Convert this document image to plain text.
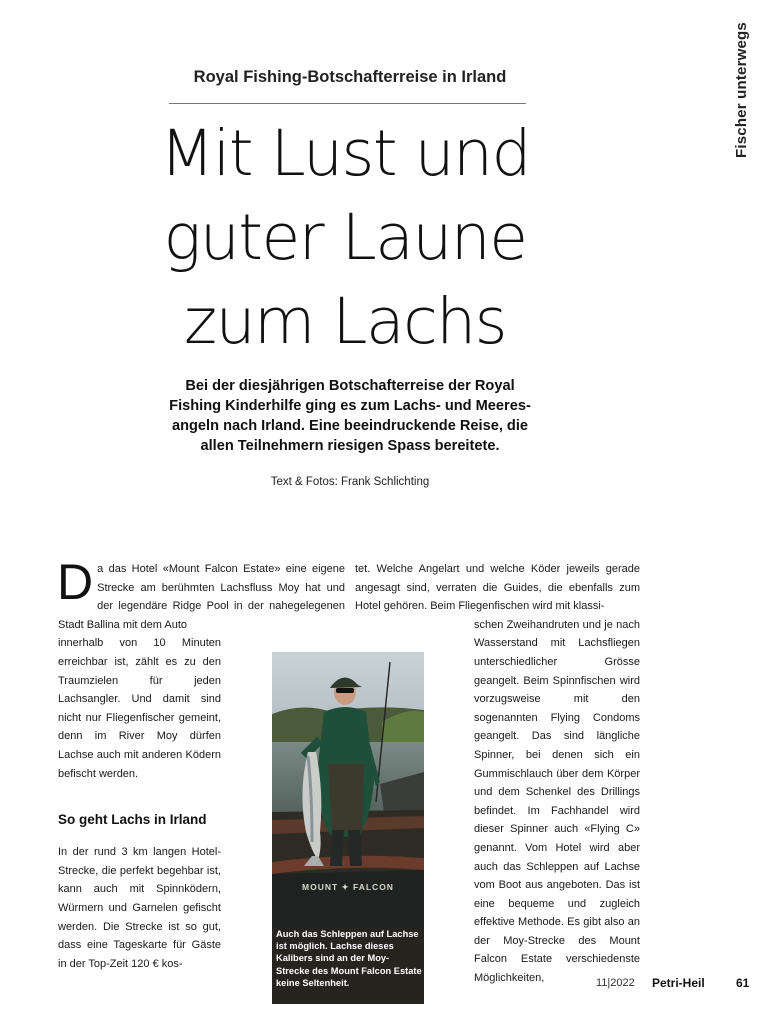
Fischer unterwegs
Royal Fishing-Botschafterreise in Irland
Mit Lust und
guter Laune
zum Lachs
Bei der diesjährigen Botschafterreise der Royal
Fishing Kinderhilfe ging es zum Lachs- und Meeres-
angeln nach Irland. Eine beeindruckende Reise, die
allen Teilnehmern riesigen Spass bereitete.
Text & Fotos: Frank Schlichting

Da das Hotel «Mount Falcon Estate» eine eigene Strecke am berühmten Lachsfluss Moy hat und der legendäre Ridge Pool in der nahegelegenen Stadt Ballina mit dem Auto

innerhalb von 10 Minuten erreichbar ist, zählt es zu den Traumzielen für jeden Lachsangler. Und damit sind nicht nur Fliegenfischer gemeint, denn im River Moy dürfen Lachse auch mit anderen Ködern befischt werden.

So geht Lachs in Irland

In der rund 3 km langen Hotel-Strecke, die perfekt begehbar ist, kann auch mit Spinnködern, Würmern und Garnelen gefischt werden. Die Strecke ist so gut, dass eine Tageskarte für Gäste in der Top-Zeit 120 € kos-

tet. Welche Angelart und welche Köder jeweils gerade angesagt sind, verraten die Guides, die ebenfalls zum Hotel gehören. Beim Fliegenfischen wird mit klassi-

schen Zweihandruten und je nach Wasserstand mit Lachsfliegen unterschiedlicher Grösse geangelt. Beim Spinnfischen wird vorzugsweise mit den sogenannten Flying Condoms geangelt. Das sind längliche Spinner, bei denen sich ein Gummischlauch über dem Körper und dem Schenkel des Drillings befindet. Im Fachhandel wird dieser Spinner auch «Flying C» genannt. Vom Hotel wird aber auch das Schleppen auf Lachse vom Boot aus angeboten. Das ist eine bequeme und zugleich effektive Methode. Es gibt also an der Moy-Strecke des Mount Falcon Estate verschiedenste Möglichkeiten,

MOUNT ✦ FALCON
Auch das Schleppen auf Lachse ist möglich. Lachse dieses Kalibers sind an der Moy-Strecke des Mount Falcon Estate keine Seltenheit.	11|2022 Petri-Heil	61
